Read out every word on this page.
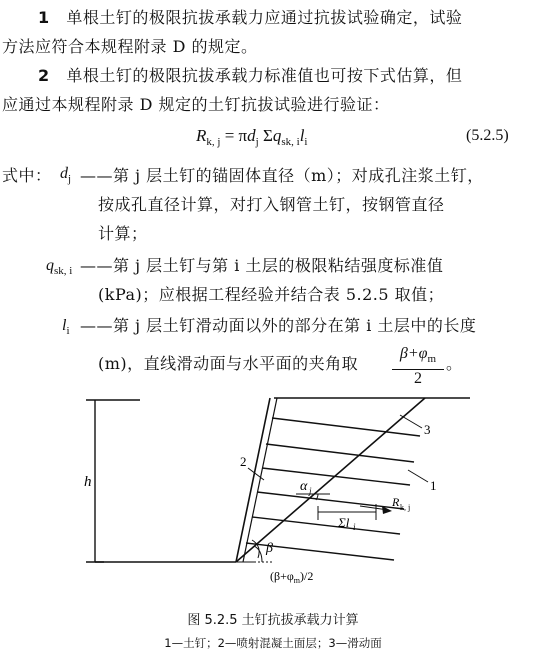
1 单根土钉的极限抗拔承载力应通过抗拔试验确定，试验
方法应符合本规程附录 D 的规定。
2 单根土钉的极限抗拔承载力标准值也可按下式估算，但
应通过本规程附录 D 规定的土钉抗拔试验进行验证：
$R_{k, j} = \pi d_j$ $\Sigma q_{sk, i}l_i$	(5.2.5)
式中： $d_j$ ——第 j 层土钉的锚固体直径（m）；对成孔注浆土钉，
按成孔直径计算，对打入钢管土钉，按钢管直径
计算；
$q_{sk, i}$ ——第 j 层土钉与第 i 土层的极限粘结强度标准值
(kPa)；应根据工程经验并结合表 5.2.5 取值；
$l_i$ ——第 j 层土钉滑动面以外的部分在第 i 土层中的长度
(m)，直线滑动面与水平面的夹角取 $\frac{\beta+\varphi_m}{2}$ 。
h
3
2
1
α j
R k, j
Σl i
β
$(\beta+\varphi_m)/2$
图 5.2.5 土钉抗拔承载力计算
1—土钉；2—喷射混凝土面层；3—滑动面
